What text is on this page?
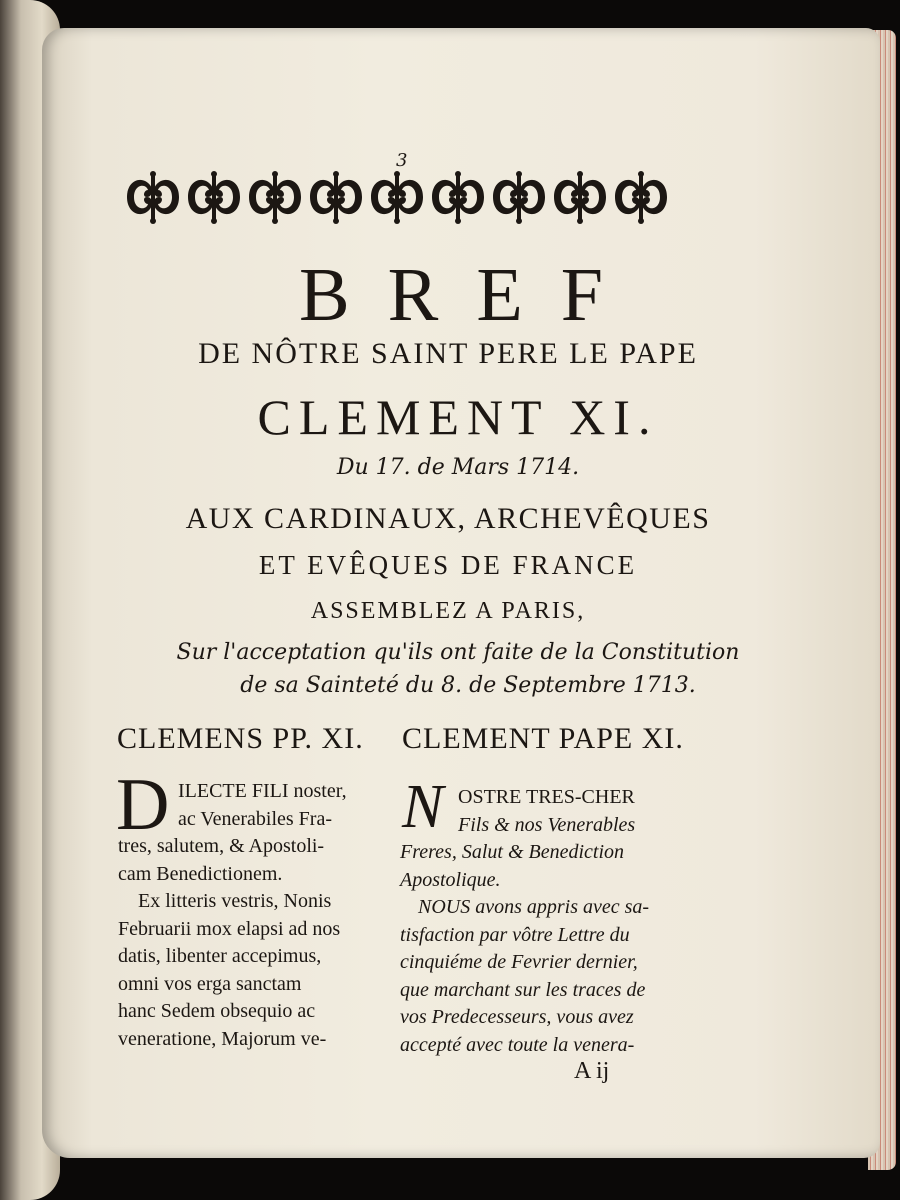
3
BREF
DE NÔTRE SAINT PERE LE PAPE
CLEMENT XI.
Du 17. de Mars 1714.
AUX CARDINAUX, ARCHEVÊQUES
ET EVÊQUES DE FRANCE
ASSEMBLEZ A PARIS,
Sur l'acceptation qu'ils ont faite de la Constitution
de sa Sainteté du 8. de Septembre 1713.
CLEMENS PP. XI. CLEMENT PAPE XI.
D ILECTE FILI noster,
ac Venerabiles Fra-
tres, salutem, & Apostoli-
cam Benedictionem.
Ex litteris vestris, Nonis
Februarii mox elapsi ad nos
datis, libenter accepimus,
omni vos erga sanctam
hanc Sedem obsequio ac
veneratione, Majorum ve-
N OSTRE TRES-CHER
Fils & nos Venerables
Freres, Salut & Benediction
Apostolique.
NOUS avons appris avec sa-
tisfaction par vôtre Lettre du
cinquiéme de Fevrier dernier,
que marchant sur les traces de
vos Predecesseurs, vous avez
accepté avec toute la venera-
A ij
